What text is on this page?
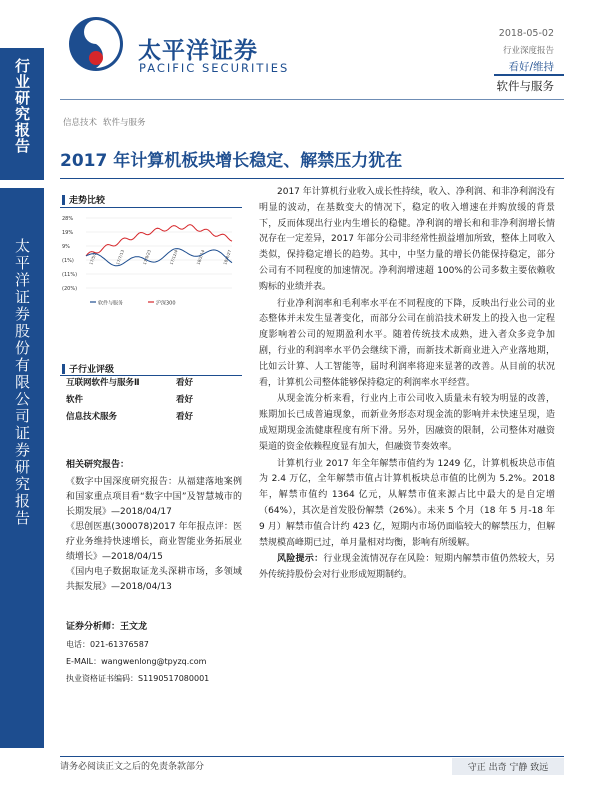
行业研究报告
太平洋证券股份有限公司证券研究报告
太平洋证券
PACIFIC SECURITIES
2018-05-02
行业深度报告
看好/维持
软件与服务
信息技术 软件与服务
2017 年计算机板块增长稳定、解禁压力犹在
走势比较
28%
19%
9%
(1%)
(11%)
(20%)
17/5/2	17/7/13	17/9/23	17/12/4	18/2/14	18/4/27
软件与服务	沪深300
子行业评级
互联网软件与服务Ⅱ	看好
软件	看好
信息技术服务	看好
相关研究报告：
《数字中国深度研究报告：从福建落地案例和国家重点项目看“数字中国”及智慧城市的长期发展》—2018/04/17
《思创医惠(300078)2017 年年报点评：医疗业务维持快速增长，商业智能业务拓展业绩增长》—2018/04/15
《国内电子数据取证龙头深耕市场，多领域共振发展》—2018/04/13
证券分析师：王文龙
电话：021-61376587
E-MAIL：wangwenlong@tpyzq.com
执业资格证书编码：S1190517080001

2017 年计算机行业收入成长性持续，收入、净利润、和非净利润没有明显的波动，在基数变大的情况下，稳定的收入增速在并购放缓的背景下，反而体现出行业内生增长的稳健。净利润的增长和和非净利润增长情况存在一定差异，2017 年部分公司非经常性损益增加所致，整体上同收入类似，保持稳定增长的趋势。其中，中坚力量的增长仍能保持稳定，部分公司有不同程度的加速情况。净利润增速超 100%的公司多数主要依赖收购标的业绩并表。

行业净利润率和毛利率水平在不同程度的下降，反映出行业公司的业态整体并未发生显著变化，而部分公司在前沿技术研发上的投入也一定程度影响着公司的短期盈利水平。随着传统技术成熟，进入者众多竞争加剧，行业的利润率水平仍会继续下滑，而新技术新商业进入产业落地期，比如云计算、人工智能等，届时利润率将迎来显著的改善。从目前的状况看，计算机公司整体能够保持稳定的利润率水平经营。

从现金流分析来看，行业内上市公司收入质量未有较为明显的改善，账期加长已成普遍现象，而新业务形态对现金流的影响并未快速呈现，造成短期现金流健康程度有所下滑。另外，因融资的限制，公司整体对融资渠道的资金依赖程度显有加大，但融资节奏效率。

计算机行业 2017 年全年解禁市值约为 1249 亿，计算机板块总市值为 2.4 万亿，全年解禁市值占计算机板块总市值的比例为 5.2%。2018 年，解禁市值约 1364 亿元，从解禁市值来源占比中最大的是自定增（64%），其次是首发股份解禁（26%）。未来 5 个月（18 年 5 月-18 年 9 月）解禁市值合计约 423 亿，短期内市场仍面临较大的解禁压力，但解禁规模高峰期已过，单月量相对均衡，影响有所缓解。

风险提示：行业现金流情况存在风险：短期内解禁市值仍然较大，另外传统持股份会对行业形成短期制约。

请务必阅读正文之后的免责条款部分	守正 出奇 宁静 致远
